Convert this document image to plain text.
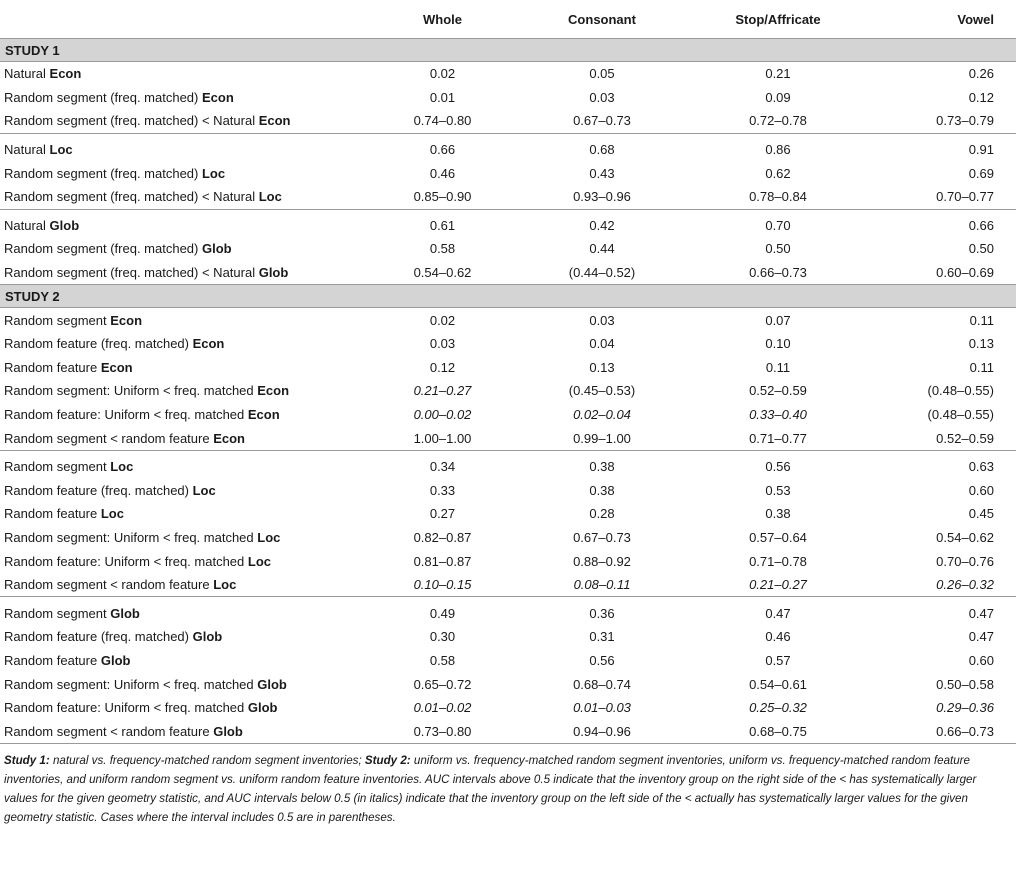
	Whole	Consonant	Stop/Affricate	Vowel
STUDY 1				
Natural Econ	0.02	0.05	0.21	0.26
Random segment (freq. matched) Econ	0.01	0.03	0.09	0.12
Random segment (freq. matched) < Natural Econ	0.74–0.80	0.67–0.73	0.72–0.78	0.73–0.79
Natural Loc	0.66	0.68	0.86	0.91
Random segment (freq. matched) Loc	0.46	0.43	0.62	0.69
Random segment (freq. matched) < Natural Loc	0.85–0.90	0.93–0.96	0.78–0.84	0.70–0.77
Natural Glob	0.61	0.42	0.70	0.66
Random segment (freq. matched) Glob	0.58	0.44	0.50	0.50
Random segment (freq. matched) < Natural Glob	0.54–0.62	(0.44–0.52)	0.66–0.73	0.60–0.69
STUDY 2				
Random segment Econ	0.02	0.03	0.07	0.11
Random feature (freq. matched) Econ	0.03	0.04	0.10	0.13
Random feature Econ	0.12	0.13	0.11	0.11
Random segment: Uniform < freq. matched Econ	0.21–0.27	(0.45–0.53)	0.52–0.59	(0.48–0.55)
Random feature: Uniform < freq. matched Econ	0.00–0.02	0.02–0.04	0.33–0.40	(0.48–0.55)
Random segment < random feature Econ	1.00–1.00	0.99–1.00	0.71–0.77	0.52–0.59
Random segment Loc	0.34	0.38	0.56	0.63
Random feature (freq. matched) Loc	0.33	0.38	0.53	0.60
Random feature Loc	0.27	0.28	0.38	0.45
Random segment: Uniform < freq. matched Loc	0.82–0.87	0.67–0.73	0.57–0.64	0.54–0.62
Random feature: Uniform < freq. matched Loc	0.81–0.87	0.88–0.92	0.71–0.78	0.70–0.76
Random segment < random feature Loc	0.10–0.15	0.08–0.11	0.21–0.27	0.26–0.32
Random segment Glob	0.49	0.36	0.47	0.47
Random feature (freq. matched) Glob	0.30	0.31	0.46	0.47
Random feature Glob	0.58	0.56	0.57	0.60
Random segment: Uniform < freq. matched Glob	0.65–0.72	0.68–0.74	0.54–0.61	0.50–0.58
Random feature: Uniform < freq. matched Glob	0.01–0.02	0.01–0.03	0.25–0.32	0.29–0.36
Random segment < random feature Glob	0.73–0.80	0.94–0.96	0.68–0.75	0.66–0.73
Study 1: natural vs. frequency-matched random segment inventories; Study 2: uniform vs. frequency-matched random segment inventories, uniform vs. frequency-matched random feature inventories, and uniform random segment vs. uniform random feature inventories. AUC intervals above 0.5 indicate that the inventory group on the right side of the < has systematically larger values for the given geometry statistic, and AUC intervals below 0.5 (in italics) indicate that the inventory group on the left side of the < actually has systematically larger values for the given geometry statistic. Cases where the interval includes 0.5 are in parentheses.
